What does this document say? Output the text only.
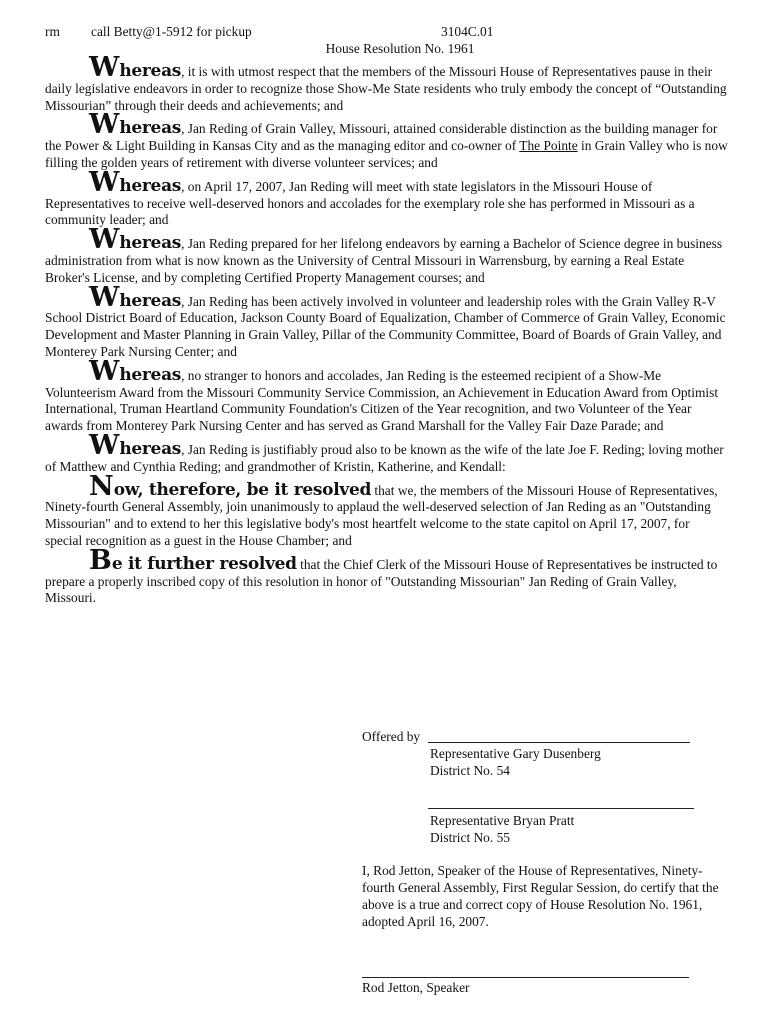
rm call Betty@1-5912 for pickup	3104C.01
House Resolution No. 1961

Whereas, it is with utmost respect that the members of the Missouri House of Representatives pause in their daily legislative endeavors in order to recognize those Show-Me State residents who truly embody the concept of “Outstanding Missourian” through their deeds and achievements; and

Whereas, Jan Reding of Grain Valley, Missouri, attained considerable distinction as the building manager for the Power & Light Building in Kansas City and as the managing editor and co-owner of The Pointe in Grain Valley who is now filling the golden years of retirement with diverse volunteer services; and

Whereas, on April 17, 2007, Jan Reding will meet with state legislators in the Missouri House of Representatives to receive well-deserved honors and accolades for the exemplary role she has performed in Missouri as a community leader; and

Whereas, Jan Reding prepared for her lifelong endeavors by earning a Bachelor of Science degree in business administration from what is now known as the University of Central Missouri in Warrensburg, by earning a Real Estate Broker's License, and by completing Certified Property Management courses; and

Whereas, Jan Reding has been actively involved in volunteer and leadership roles with the Grain Valley R-V School District Board of Education, Jackson County Board of Equalization, Chamber of Commerce of Grain Valley, Economic Development and Master Planning in Grain Valley, Pillar of the Community Committee, Board of Boards of Grain Valley, and Monterey Park Nursing Center; and

Whereas, no stranger to honors and accolades, Jan Reding is the esteemed recipient of a Show-Me Volunteerism Award from the Missouri Community Service Commission, an Achievement in Education Award from Optimist International, Truman Heartland Community Foundation's Citizen of the Year recognition, and two Volunteer of the Year awards from Monterey Park Nursing Center and has served as Grand Marshall for the Valley Fair Daze Parade; and

Whereas, Jan Reding is justifiably proud also to be known as the wife of the late Joe F. Reding; loving mother of Matthew and Cynthia Reding; and grandmother of Kristin, Katherine, and Kendall:

Now, therefore, be it resolved that we, the members of the Missouri House of Representatives, Ninety-fourth General Assembly, join unanimously to applaud the well-deserved selection of Jan Reding as an "Outstanding Missourian" and to extend to her this legislative body's most heartfelt welcome to the state capitol on April 17, 2007, for special recognition as a guest in the House Chamber; and

Be it further resolved that the Chief Clerk of the Missouri House of Representatives be instructed to prepare a properly inscribed copy of this resolution in honor of "Outstanding Missourian" Jan Reding of Grain Valley, Missouri.

Offered by
Representative Gary Dusenberg
District No. 54
Representative Bryan Pratt
District No. 55
I, Rod Jetton, Speaker of the House of Representatives, Ninety-fourth General Assembly, First Regular Session, do certify that the above is a true and correct copy of House Resolution No. 1961, adopted April 16, 2007.
Rod Jetton, Speaker
